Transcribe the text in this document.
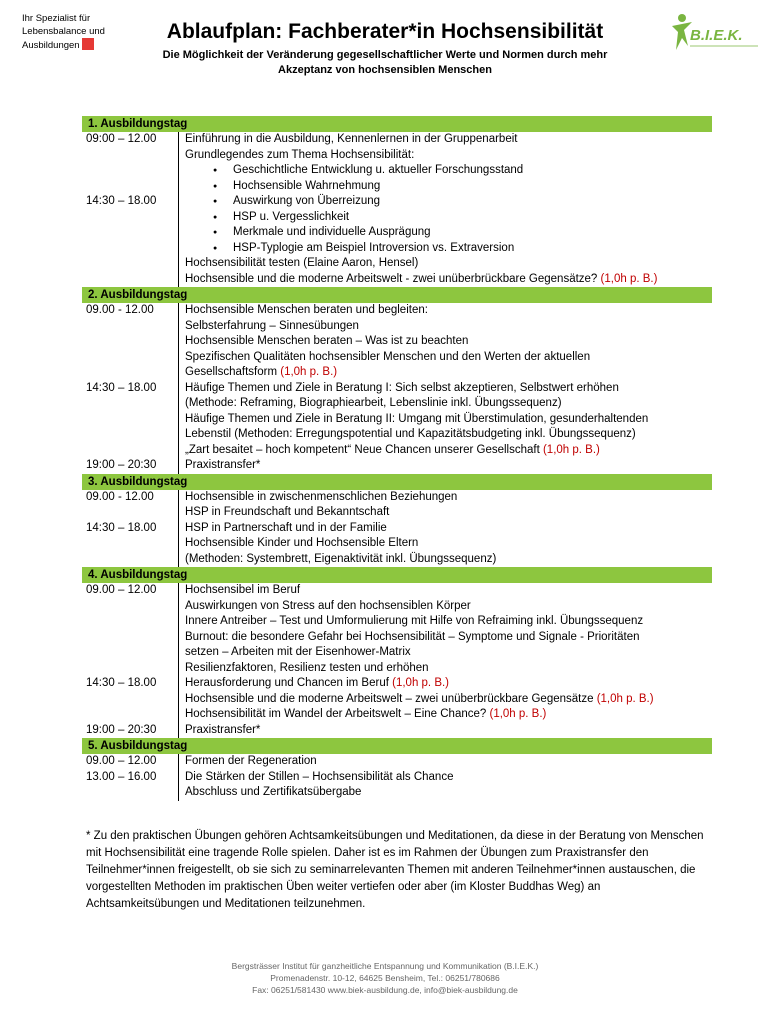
Ihr Spezialist für
Lebensbalance und
Ausbildungen
Ablaufplan: Fachberater*in Hochsensibilität
Die Möglichkeit der Veränderung gegesellschaftlicher Werte und Normen durch mehr
Akzeptanz von hochsensiblen Menschen
B.I.E.K.
1. Ausbildungstag
09:00 – 12.00
14:30 – 18.00
Einführung in die Ausbildung, Kennenlernen in der Gruppenarbeit
Grundlegendes zum Thema Hochsensibilität:
● Geschichtliche Entwicklung u. aktueller Forschungsstand
● Hochsensible Wahrnehmung
● Auswirkung von Überreizung
● HSP u. Vergesslichkeit
● Merkmale und individuelle Ausprägung
● HSP-Typlogie am Beispiel Introversion vs. Extraversion
Hochsensibilität testen (Elaine Aaron, Hensel)
Hochsensible und die moderne Arbeitswelt - zwei unüberbrückbare Gegensätze? (1,0h p. B.)
2. Ausbildungstag
09.00 - 12.00
14:30 – 18.00
19:00 – 20:30
Hochsensible Menschen beraten und begleiten:
Selbsterfahrung – Sinnesübungen
Hochsensible Menschen beraten – Was ist zu beachten
Spezifischen Qualitäten hochsensibler Menschen und den Werten der aktuellen
Gesellschaftsform (1,0h p. B.)
Häufige Themen und Ziele in Beratung I: Sich selbst akzeptieren, Selbstwert erhöhen
(Methode: Reframing, Biographiearbeit, Lebenslinie inkl. Übungssequenz)
Häufige Themen und Ziele in Beratung II: Umgang mit Überstimulation, gesunderhaltenden
Lebenstil (Methoden: Erregungspotential und Kapazitätsbudgeting inkl. Übungssequenz)
„Zart besaitet – hoch kompetent“ Neue Chancen unserer Gesellschaft (1,0h p. B.)
Praxistransfer*
3. Ausbildungstag
09.00 - 12.00
14:30 – 18.00
Hochsensible in zwischenmenschlichen Beziehungen
HSP in Freundschaft und Bekanntschaft
HSP in Partnerschaft und in der Familie
Hochsensible Kinder und Hochsensible Eltern
(Methoden: Systembrett, Eigenaktivität inkl. Übungssequenz)
4. Ausbildungstag
09.00 – 12.00
14:30 – 18.00
19:00 – 20:30
Hochsensibel im Beruf
Auswirkungen von Stress auf den hochsensiblen Körper
Innere Antreiber – Test und Umformulierung mit Hilfe von Refraiming inkl. Übungssequenz
Burnout: die besondere Gefahr bei Hochsensibilität – Symptome und Signale - Prioritäten
setzen – Arbeiten mit der Eisenhower-Matrix
Resilienzfaktoren, Resilienz testen und erhöhen
Herausforderung und Chancen im Beruf (1,0h p. B.)
Hochsensible und die moderne Arbeitswelt – zwei unüberbrückbare Gegensätze (1,0h p. B.)
Hochsensibilität im Wandel der Arbeitswelt – Eine Chance? (1,0h p. B.)
Praxistransfer*
5. Ausbildungstag
09.00 – 12.00
13.00 – 16.00
Formen der Regeneration
Die Stärken der Stillen – Hochsensibilität als Chance
Abschluss und Zertifikatsübergabe
* Zu den praktischen Übungen gehören Achtsamkeitsübungen und Meditationen, da diese in der Beratung von Menschen mit Hochsensibilität eine tragende Rolle spielen. Daher ist es im Rahmen der Übungen zum Praxistransfer den Teilnehmer*innen freigestellt, ob sie sich zu seminarrelevanten Themen mit anderen Teilnehmer*innen austauschen, die vorgestellten Methoden im praktischen Üben weiter vertiefen oder aber (im Kloster Buddhas Weg) an Achtsamkeitsübungen und Meditationen teilzunehmen.
Bergsträsser Institut für ganzheitliche Entspannung und Kommunikation (B.I.E.K.)
Promenadenstr. 10-12, 64625 Bensheim, Tel.: 06251/780686
Fax: 06251/581430 www.biek-ausbildung.de, info@biek-ausbildung.de
